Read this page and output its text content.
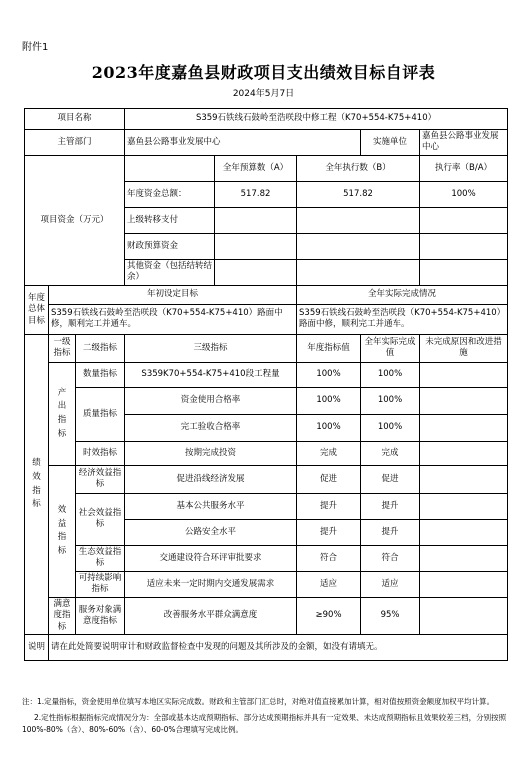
附件1
2023年度嘉鱼县财政项目支出绩效目标自评表
2024年5月7日
项目名称			S359石铁线石鼓岭至浩咲段中修工程（K70+554-K75+410）				
主管部门			嘉鱼县公路事业发展中心			实施单位	嘉鱼县公路事业发展中心
项目资金（万元）				全年预算数（A）	全年执行数（B）		执行率（B/A）
			年度资金总额：	517.82	517.82		100%
			上级转移支付				
			财政预算资金				
			其他资金（包括结转结余）				

年度总体目标	年初设定目标				全年实际完成情况		
	S359石铁线石鼓岭至浩咲段（K70+554-K75+410）路面中修，顺利完工并通车。				S359石铁线石鼓岭至浩咲段（K70+554-K75+410）路面中修，顺利完工并通车。		

绩效指标	一级指标	二级指标	三级指标		年度指标值	全年实际完成值	未完成原因和改进措施

	产出指标	数量指标	S359K70+554-K75+410段工程量		100%	100%	
		质量指标	资金使用合格率		100%	100%	
			完工验收合格率		100%	100%	
		时效指标	按期完成投资		完成	完成	

	效益指标	经济效益指标	促进沿线经济发展		促进	促进	
		社会效益指标	基本公共服务水平		提升	提升	
			公路安全水平		提升	提升	
		生态效益指标	交通建设符合环评审批要求		符合	符合	
		可持续影响指标	适应未来一定时期内交通发展需求		适应	适应	
	满意度指标	服务对象满意度指标	改善服务水平群众满意度		≥90%	95%	
说明	请在此处简要说明审计和财政监督检查中发现的问题及其所涉及的金额，如没有请填无。						

注：1.定量指标，资金使用单位填写本地区实际完成数。财政和主管部门汇总时，对绝对值直接累加计算，相对值按照资金额度加权平均计算。

2.定性指标根据指标完成情况分为：全部或基本达成预期指标、部分达成预期指标并具有一定效果、未达成预期指标且效果较差三档，分别按照100%-80%（含）、80%-60%（含）、60-0%合理填写完成比例。
